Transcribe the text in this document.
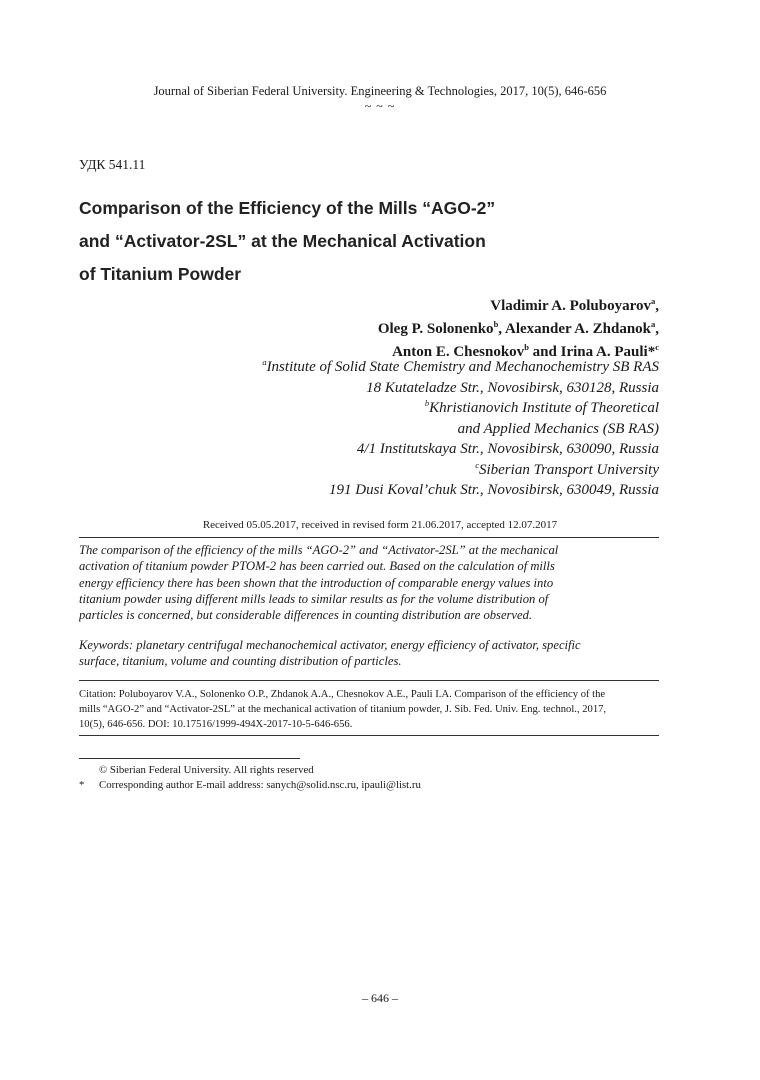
Journal of Siberian Federal University. Engineering & Technologies, 2017, 10(5), 646-656
~ ~ ~
УДК 541.11
Comparison of the Efficiency of the Mills “AGO-2”
and “Activator-2SL” at the Mechanical Activation
of Titanium Powder
Vladimir A. Poluboyarov$^a$,
Oleg P. Solonenko$^b$, Alexander A. Zhdanok$^a$,
Anton E. Chesnokov$^b$ and Irina A. Pauli*$^c$
$^a$Institute of Solid State Chemistry and Mechanochemistry SB RAS
18 Kutateladze Str., Novosibirsk, 630128, Russia
$^b$Khristianovich Institute of Theoretical
and Applied Mechanics (SB RAS)
4/1 Institutskaya Str., Novosibirsk, 630090, Russia
$^c$Siberian Transport University
191 Dusi Koval’chuk Str., Novosibirsk, 630049, Russia
Received 05.05.2017, received in revised form 21.06.2017, accepted 12.07.2017
The comparison of the efficiency of the mills “AGO-2” and “Activator-2SL” at the mechanical
activation of titanium powder PTOM-2 has been carried out. Based on the calculation of mills
energy efficiency there has been shown that the introduction of comparable energy values into
titanium powder using different mills leads to similar results as for the volume distribution of
particles is concerned, but considerable differences in counting distribution are observed.
Keywords: planetary centrifugal mechanochemical activator, energy efficiency of activator, specific
surface, titanium, volume and counting distribution of particles.
Citation: Poluboyarov V.A., Solonenko O.P., Zhdanok A.A., Chesnokov A.E., Pauli I.A. Comparison of the efficiency of the
mills “AGO-2” and “Activator-2SL” at the mechanical activation of titanium powder, J. Sib. Fed. Univ. Eng. technol., 2017,
10(5), 646-656. DOI: 10.17516/1999-494X-2017-10-5-646-656.
© Siberian Federal University. All rights reserved
*	Corresponding author E-mail address: sanych@solid.nsc.ru, ipauli@list.ru
– 646 –
